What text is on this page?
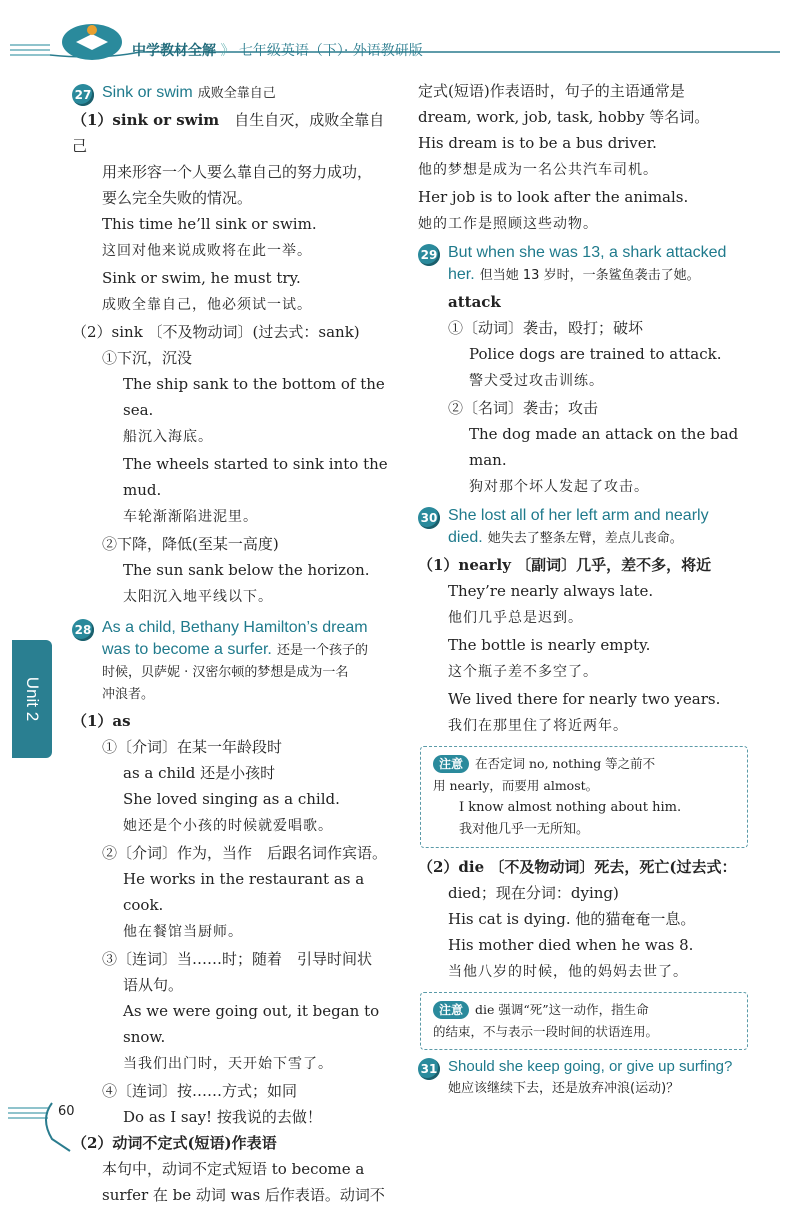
中学教材全解 》 七年级英语（下）· 外语教研版
Unit 2
27 Sink or swim 成败全靠自己

（1）sink or swim　 自生自灭，成败全靠自己

用来形容一个人要么靠自己的努力成功，

要么完全失败的情况。

This time he’ll sink or swim.

这回对他来说成败将在此一举。

Sink or swim, he must try.

成败全靠自己，他必须试一试。

（2）sink 〔不及物动词〕(过去式：sank)

①下沉，沉没

The ship sank to the bottom of the sea.

船沉入海底。

The wheels started to sink into the mud.

车轮渐渐陷进泥里。

②下降，降低(至某一高度)

The sun sank below the horizon.

太阳沉入地平线以下。

28 As a child, Bethany Hamilton’s dream
was to become a surfer. 还是一个孩子的
时候，贝萨妮 · 汉密尔顿的梦想是成为一名
冲浪者。

（1）as

①〔介词〕在某一年龄段时

as a child 还是小孩时

She loved singing as a child.

她还是个小孩的时候就爱唱歌。

②〔介词〕作为，当作　后跟名词作宾语。

He works in the restaurant as a cook.

他在餐馆当厨师。

③〔连词〕当……时；随着　引导时间状

语从句。

As we were going out, it began to snow.

当我们出门时，天开始下雪了。

④〔连词〕按……方式；如同

Do as I say! 按我说的去做！

（2）动词不定式(短语)作表语

本句中，动词不定式短语 to become a

surfer 在 be 动词 was 后作表语。动词不

定式(短语)作表语时，句子的主语通常是

dream, work, job, task, hobby 等名词。

His dream is to be a bus driver.

他的梦想是成为一名公共汽车司机。

Her job is to look after the animals.

她的工作是照顾这些动物。

29 But when she was 13, a shark attacked
her. 但当她 13 岁时，一条鲨鱼袭击了她。

attack

①〔动词〕袭击，殴打；破坏

Police dogs are trained to attack.

警犬受过攻击训练。

②〔名词〕袭击；攻击

The dog made an attack on the bad man.

狗对那个坏人发起了攻击。

30 She lost all of her left arm and nearly
died. 她失去了整条左臂，差点儿丧命。

（1）nearly 〔副词〕几乎，差不多，将近

They’re nearly always late.

他们几乎总是迟到。

The bottle is nearly empty.

这个瓶子差不多空了。

We lived there for nearly two years.

我们在那里住了将近两年。

注意 在否定词 no, nothing 等之前不

用 nearly，而要用 almost。

I know almost nothing about him.

我对他几乎一无所知。

（2）die 〔不及物动词〕死去，死亡(过去式：

died；现在分词：dying)

His cat is dying. 他的猫奄奄一息。

His mother died when he was 8.

当他八岁的时候，他的妈妈去世了。

注意 die 强调“死”这一动作，指生命

的结束，不与表示一段时间的状语连用。

31 Should she keep going, or give up surfing?
她应该继续下去，还是放弃冲浪(运动)？
60
